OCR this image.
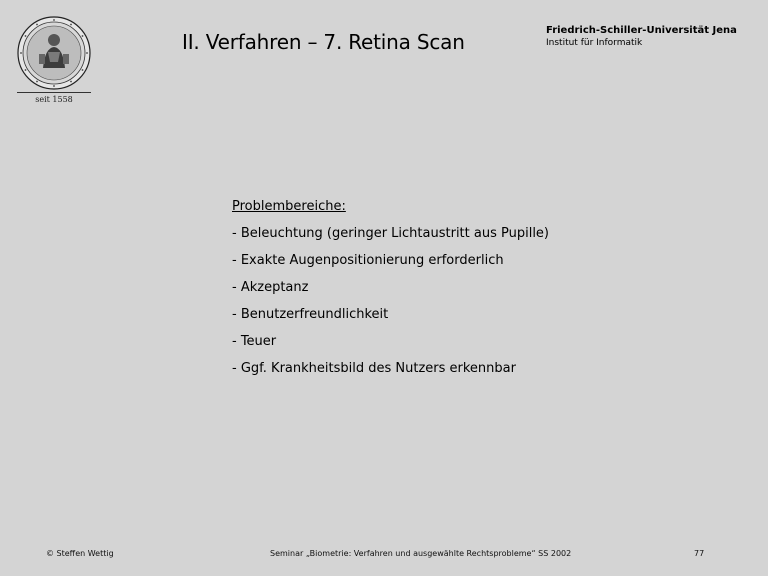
seit 1558
II. Verfahren – 7. Retina Scan	Friedrich-Schiller-Universität Jena
Institut für Informatik
Problembereiche:
- Beleuchtung (geringer Lichtaustritt aus Pupille)
- Exakte Augenpositionierung erforderlich
- Akzeptanz
- Benutzerfreundlichkeit
- Teuer
- Ggf. Krankheitsbild des Nutzers erkennbar
© Steffen Wettig	Seminar „Biometrie: Verfahren und ausgewählte Rechtsprobleme“ SS 2002	77
